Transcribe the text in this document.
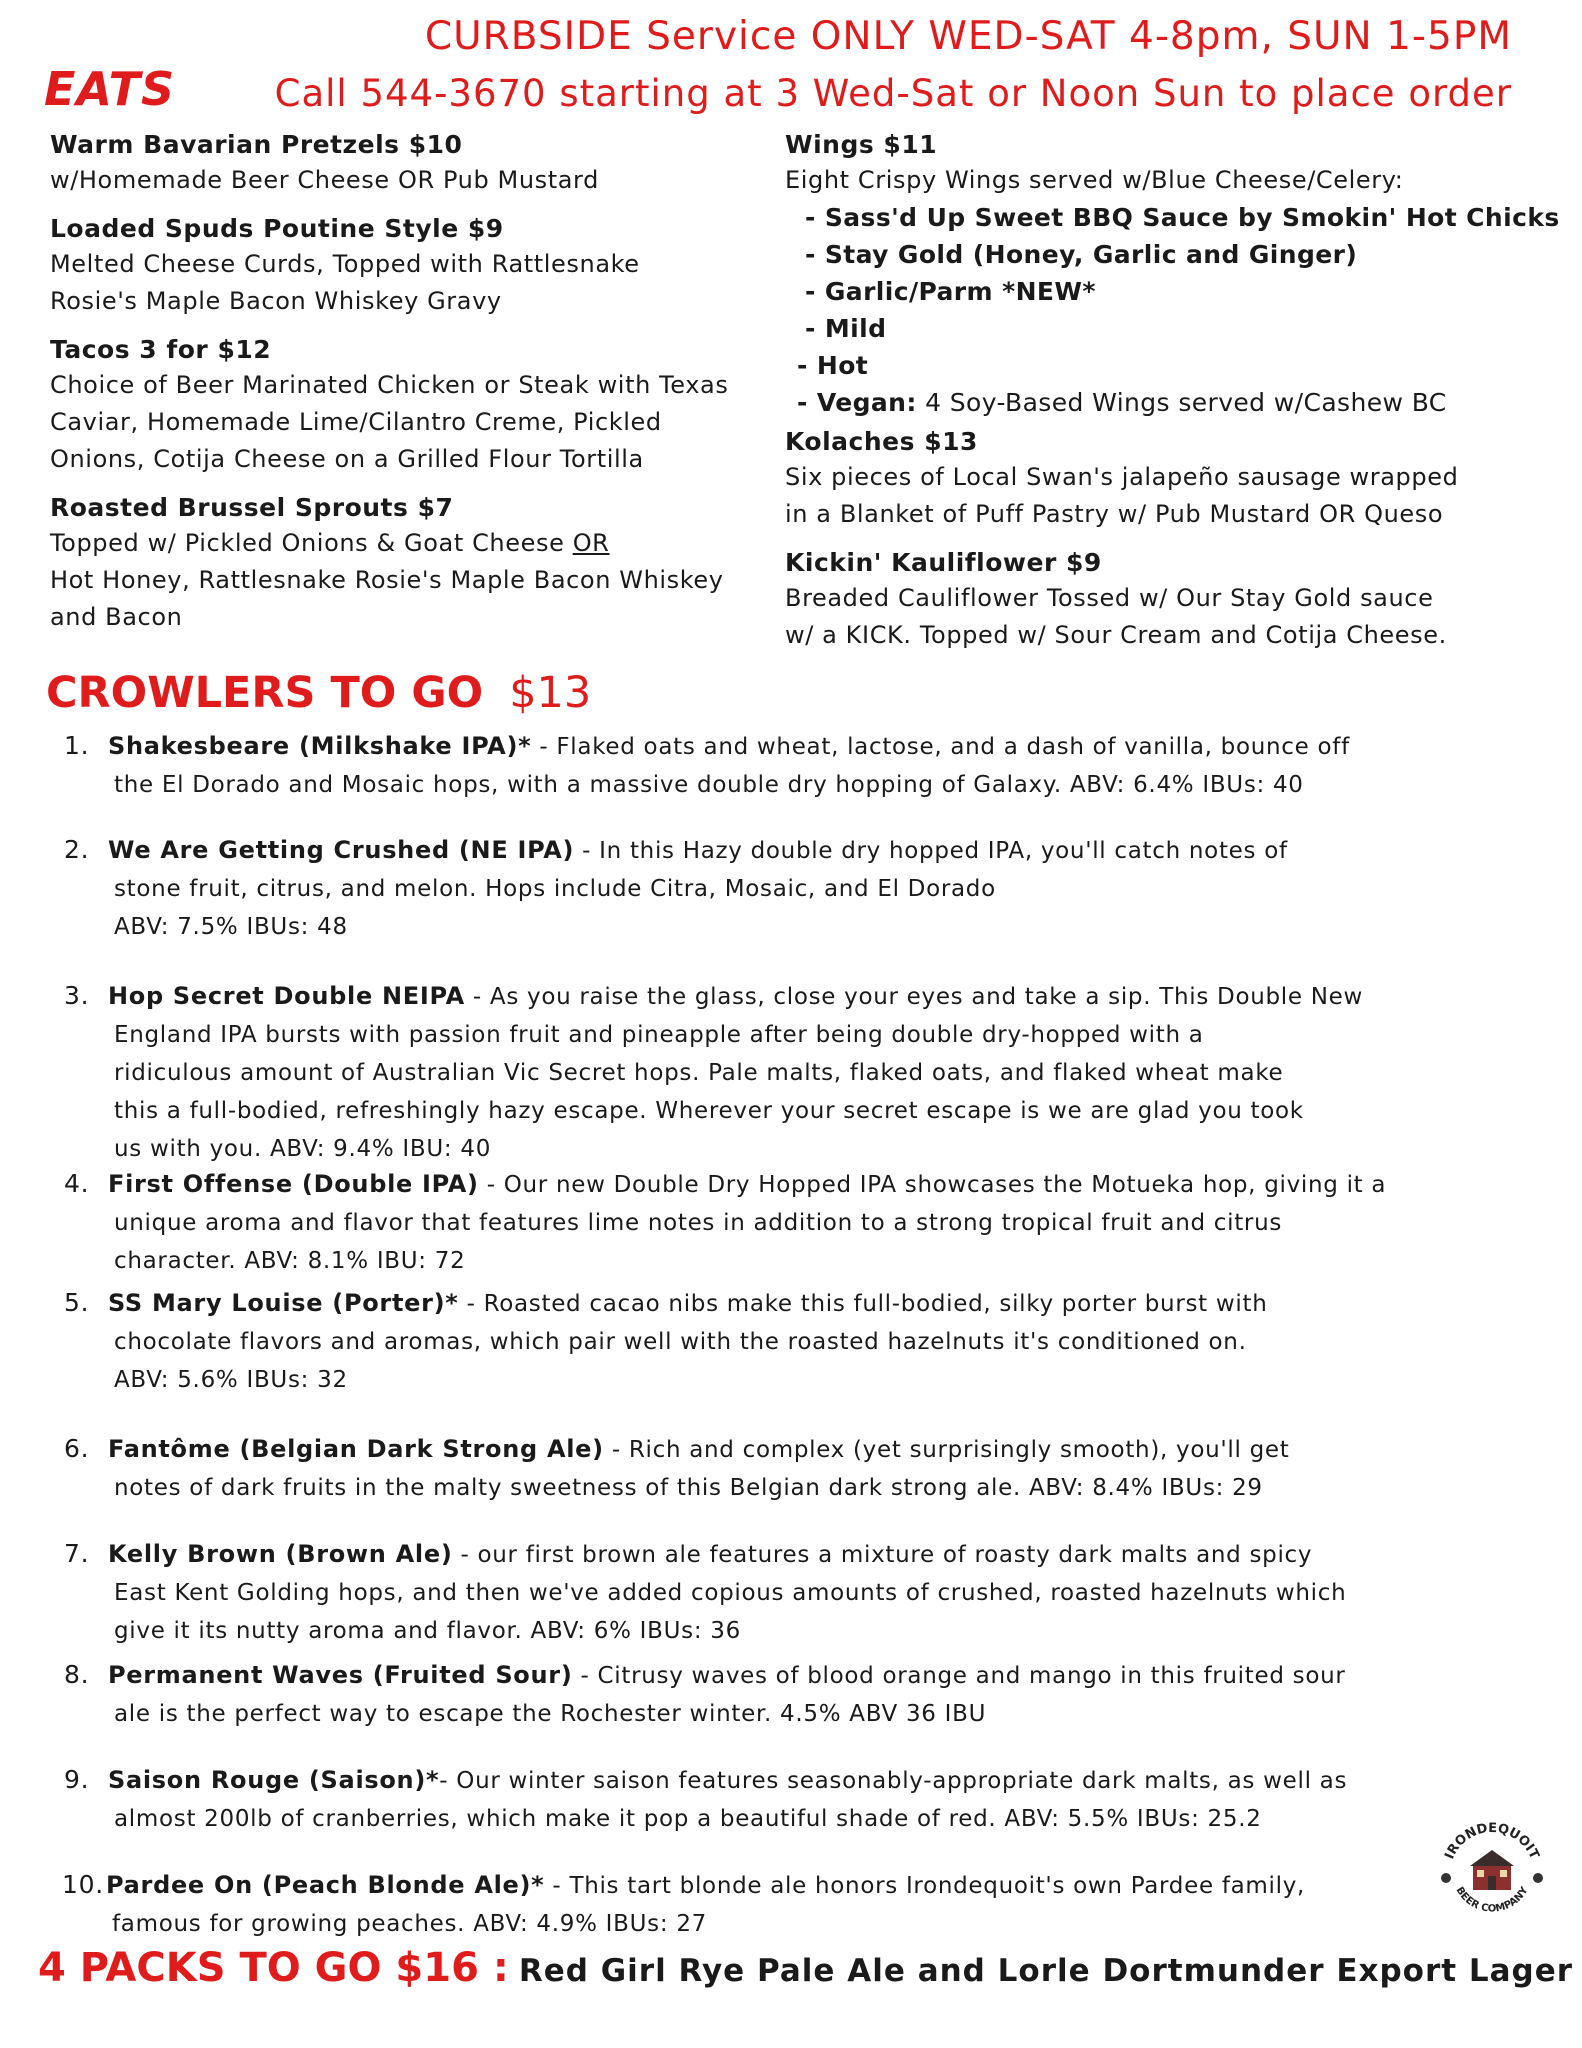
CURBSIDE Service ONLY WED-SAT 4-8pm, SUN 1-5PM
EATS	Call 544-3670 starting at 3 Wed-Sat or Noon Sun to place order
Warm Bavarian Pretzels $10
w/Homemade Beer Cheese OR Pub Mustard
Loaded Spuds Poutine Style $9
Melted Cheese Curds, Topped with Rattlesnake
Rosie's Maple Bacon Whiskey Gravy
Tacos 3 for $12
Choice of Beer Marinated Chicken or Steak with Texas
Caviar, Homemade Lime/Cilantro Creme, Pickled
Onions, Cotija Cheese on a Grilled Flour Tortilla
Roasted Brussel Sprouts $7
Topped w/ Pickled Onions & Goat Cheese OR
Hot Honey, Rattlesnake Rosie's Maple Bacon Whiskey
and Bacon
Wings $11
Eight Crispy Wings served w/Blue Cheese/Celery:
- Sass'd Up Sweet BBQ Sauce by Smokin' Hot Chicks
- Stay Gold (Honey, Garlic and Ginger)
- Garlic/Parm *NEW*
- Mild
- Hot
- Vegan: 4 Soy-Based Wings served w/Cashew BC
Kolaches $13
Six pieces of Local Swan's jalapeño sausage wrapped
in a Blanket of Puff Pastry w/ Pub Mustard OR Queso
Kickin' Kauliflower $9
Breaded Cauliflower Tossed w/ Our Stay Gold sauce
w/ a KICK. Topped w/ Sour Cream and Cotija Cheese.
CROWLERS TO GO $13
1. Shakesbeare (Milkshake IPA)* - Flaked oats and wheat, lactose, and a dash of vanilla, bounce off
the El Dorado and Mosaic hops, with a massive double dry hopping of Galaxy. ABV: 6.4% IBUs: 40
2. We Are Getting Crushed (NE IPA) - In this Hazy double dry hopped IPA, you'll catch notes of
stone fruit, citrus, and melon. Hops include Citra, Mosaic, and El Dorado
ABV: 7.5% IBUs: 48
3. Hop Secret Double NEIPA - As you raise the glass, close your eyes and take a sip. This Double New
England IPA bursts with passion fruit and pineapple after being double dry-hopped with a
ridiculous amount of Australian Vic Secret hops. Pale malts, flaked oats, and flaked wheat make
this a full-bodied, refreshingly hazy escape. Wherever your secret escape is we are glad you took
us with you. ABV: 9.4% IBU: 40
4. First Offense (Double IPA) - Our new Double Dry Hopped IPA showcases the Motueka hop, giving it a
unique aroma and flavor that features lime notes in addition to a strong tropical fruit and citrus
character. ABV: 8.1% IBU: 72
5. SS Mary Louise (Porter)* - Roasted cacao nibs make this full-bodied, silky porter burst with
chocolate flavors and aromas, which pair well with the roasted hazelnuts it's conditioned on.
ABV: 5.6% IBUs: 32
6. Fantôme (Belgian Dark Strong Ale) - Rich and complex (yet surprisingly smooth), you'll get
notes of dark fruits in the malty sweetness of this Belgian dark strong ale. ABV: 8.4% IBUs: 29
7. Kelly Brown (Brown Ale) - our first brown ale features a mixture of roasty dark malts and spicy
East Kent Golding hops, and then we've added copious amounts of crushed, roasted hazelnuts which
give it its nutty aroma and flavor. ABV: 6% IBUs: 36
8. Permanent Waves (Fruited Sour) - Citrusy waves of blood orange and mango in this fruited sour
ale is the perfect way to escape the Rochester winter. 4.5% ABV 36 IBU
9. Saison Rouge (Saison)*- Our winter saison features seasonably-appropriate dark malts, as well as
almost 200lb of cranberries, which make it pop a beautiful shade of red. ABV: 5.5% IBUs: 25.2
10. Pardee On (Peach Blonde Ale)* - This tart blonde ale honors Irondequoit's own Pardee family,
famous for growing peaches. ABV: 4.9% IBUs: 27
IRONDEQUOIT
BEER COMPANY
4 PACKS TO GO $16 : Red Girl Rye Pale Ale and Lorle Dortmunder Export Lager
